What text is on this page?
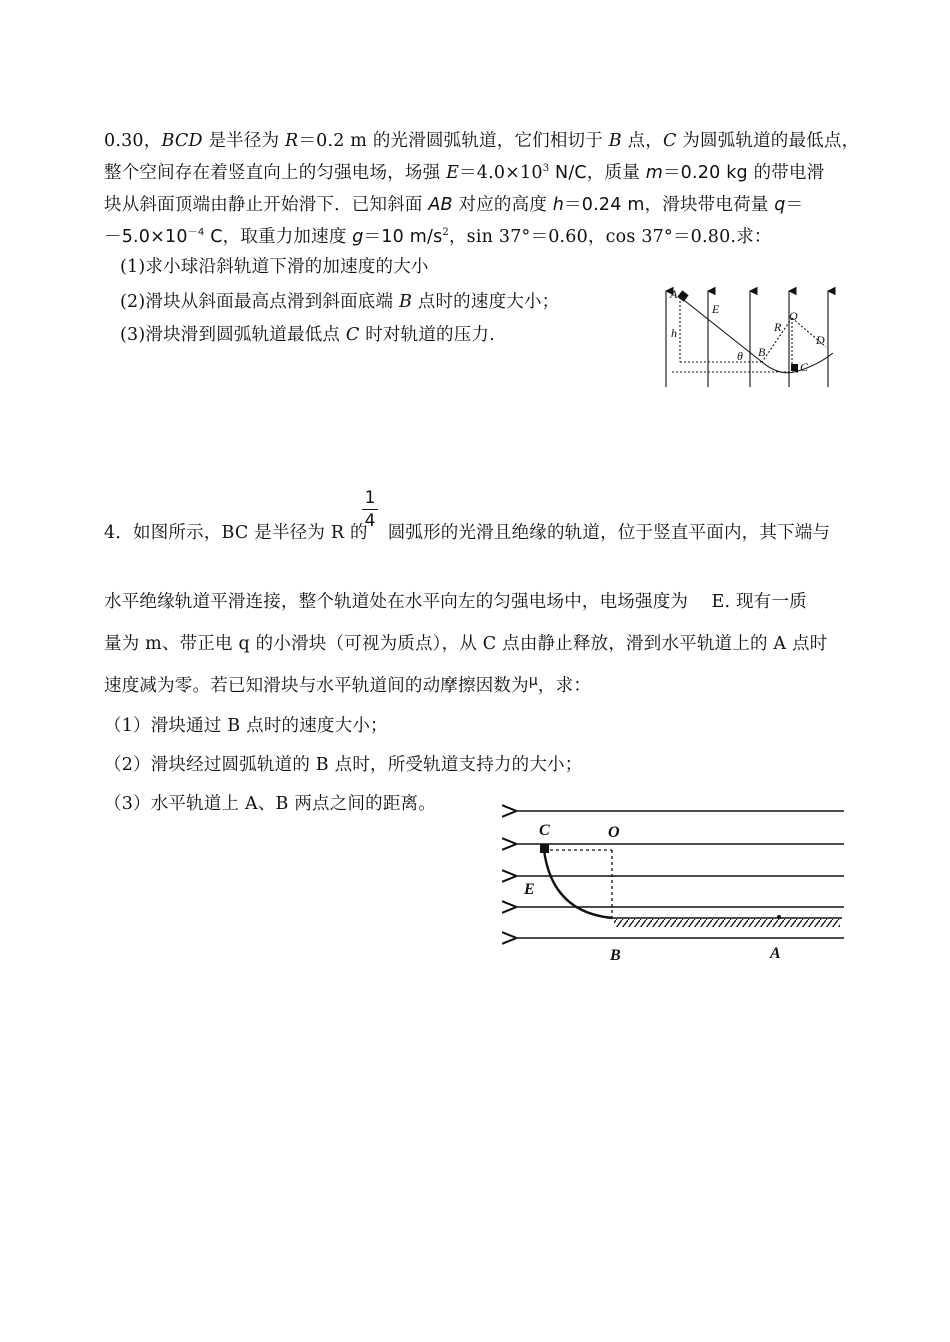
0.30，BCD 是半径为 R＝0.2 m 的光滑圆弧轨道，它们相切于 B 点，C 为圆弧轨道的最低点，
整个空间存在着竖直向上的匀强电场，场强 $E=4.0\times 10^3$ N/C，质量 m＝0.20 kg 的带电滑
块从斜面顶端由静止开始滑下．已知斜面 AB 对应的高度 h＝0.24 m，滑块带电荷量 q＝
$-5.0\times 10^{-4}$ C，取重力加速度 g＝10 $m/s^2$，sin 37°＝0.60，cos 37°＝0.80.求：
(1)求小球沿斜轨道下滑的加速度的大小
(2)滑块从斜面最高点滑到斜面底端 B 点时的速度大小；
(3)滑块滑到圆弧轨道最低点 C 时对轨道的压力.
A
E
h
θ B
O
R
D
C
1
4
4．如图所示，BC 是半径为 R 的 圆弧形的光滑且绝缘的轨道，位于竖直平面内，其下端与
水平绝缘轨道平滑连接，整个轨道处在水平向左的匀强电场中，电场强度为　 E. 现有一质
量为 m、带正电 q 的小滑块（可视为质点），从 C 点由静止释放，滑到水平轨道上的 A 点时
速度减为零。若已知滑块与水平轨道间的动摩擦因数为$^\mu$，求：
（1）滑块通过 B 点时的速度大小；
（2）滑块经过圆弧轨道的 B 点时，所受轨道支持力的大小；
（3）水平轨道上 A、B 两点之间的距离。
C	O
E
B	A
